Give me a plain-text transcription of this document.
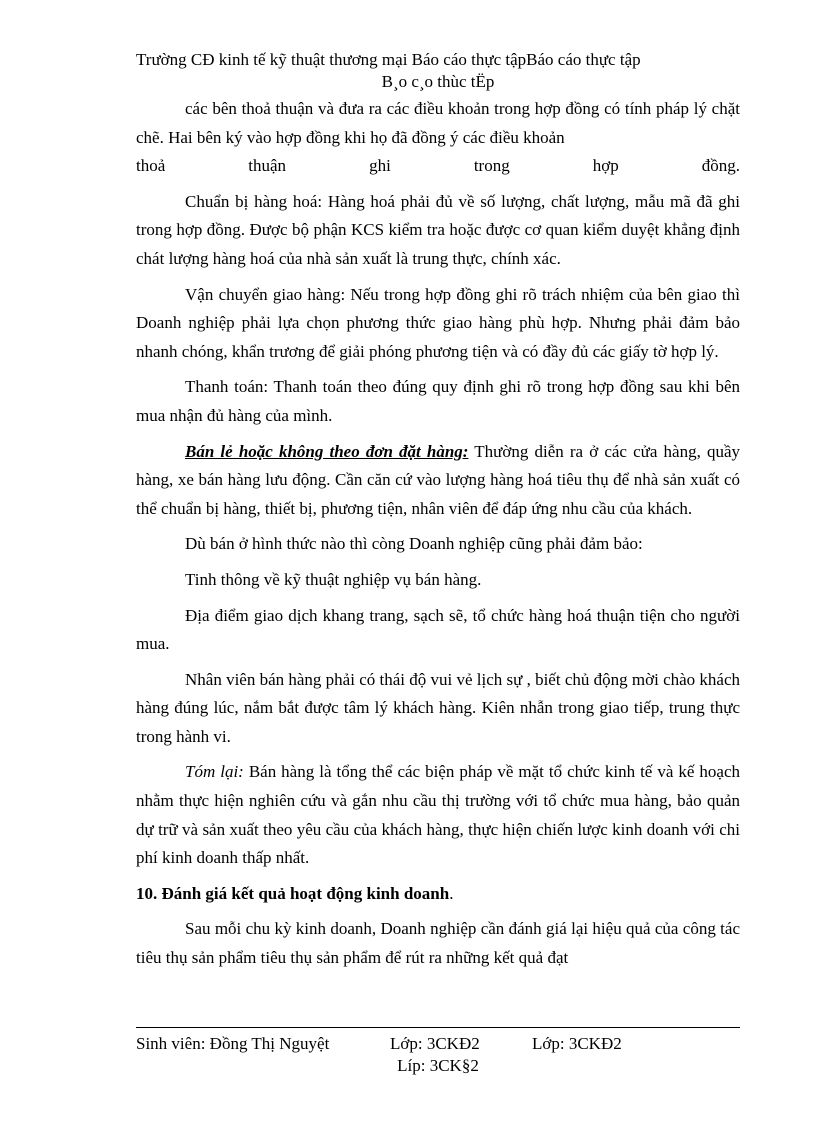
Trường CĐ kinh tế kỹ thuật thương mại Báo cáo thực tậpBáo cáo thực tập
B¸o c¸o thùc tËp

các bên thoả thuận và đưa ra các điều khoản trong hợp đồng có tính pháp lý chặt chẽ. Hai bên ký vào hợp đồng khi họ đã đồng ý các điều khoản

thoả thuận ghi trong hợp đồng.

Chuẩn bị hàng hoá: Hàng hoá phải đủ về số lượng, chất lượng, mẫu mã đã ghi trong hợp đồng. Được bộ phận KCS kiểm tra hoặc được cơ quan kiểm duyệt khẳng định chát lượng hàng hoá của nhà sản xuất là trung thực, chính xác.

Vận chuyển giao hàng: Nếu trong hợp đồng ghi rõ trách nhiệm của bên giao thì Doanh nghiệp phải lựa chọn phương thức giao hàng phù hợp. Nhưng phải đảm bảo nhanh chóng, khẩn trương để giải phóng phương tiện và có đầy đủ các giấy tờ hợp lý.

Thanh toán: Thanh toán theo đúng quy định ghi rõ trong hợp đồng sau khi bên mua nhận đủ hàng của mình.

Bán lẻ hoặc không theo đơn đặt hàng: Thường diễn ra ở các cửa hàng, quầy hàng, xe bán hàng lưu động. Cần căn cứ vào lượng hàng hoá tiêu thụ để nhà sản xuất có thể chuẩn bị hàng, thiết bị, phương tiện, nhân viên để đáp ứng nhu cầu của khách.

Dù bán ở hình thức nào thì còng Doanh nghiệp cũng phải đảm bảo:

Tinh thông về kỹ thuật nghiệp vụ bán hàng.

Địa điểm giao dịch khang trang, sạch sẽ, tổ chức hàng hoá thuận tiện cho người mua.

Nhân viên bán hàng phải có thái độ vui vẻ lịch sự , biết chủ động mời chào khách hàng đúng lúc, nắm bắt được tâm lý khách hàng. Kiên nhẫn trong giao tiếp, trung thực trong hành vi.

Tóm lại: Bán hàng là tổng thể các biện pháp về mặt tổ chức kinh tế và kế hoạch nhằm thực hiện nghiên cứu và gắn nhu cầu thị trường với tổ chức mua hàng, bảo quản dự trữ và sản xuất theo yêu cầu của khách hàng, thực hiện chiến lược kinh doanh với chi phí kinh doanh thấp nhất.

10. Đánh giá kết quả hoạt động kinh doanh.

Sau mỗi chu kỳ kinh doanh, Doanh nghiệp cần đánh giá lại hiệu quả của công tác tiêu thụ sản phẩm tiêu thụ sản phẩm để rút ra những kết quả đạt

Sinh viên: Đồng Thị Nguyệt	Lớp: 3CKĐ2	Lớp: 3CKĐ2
Líp: 3CK§2
